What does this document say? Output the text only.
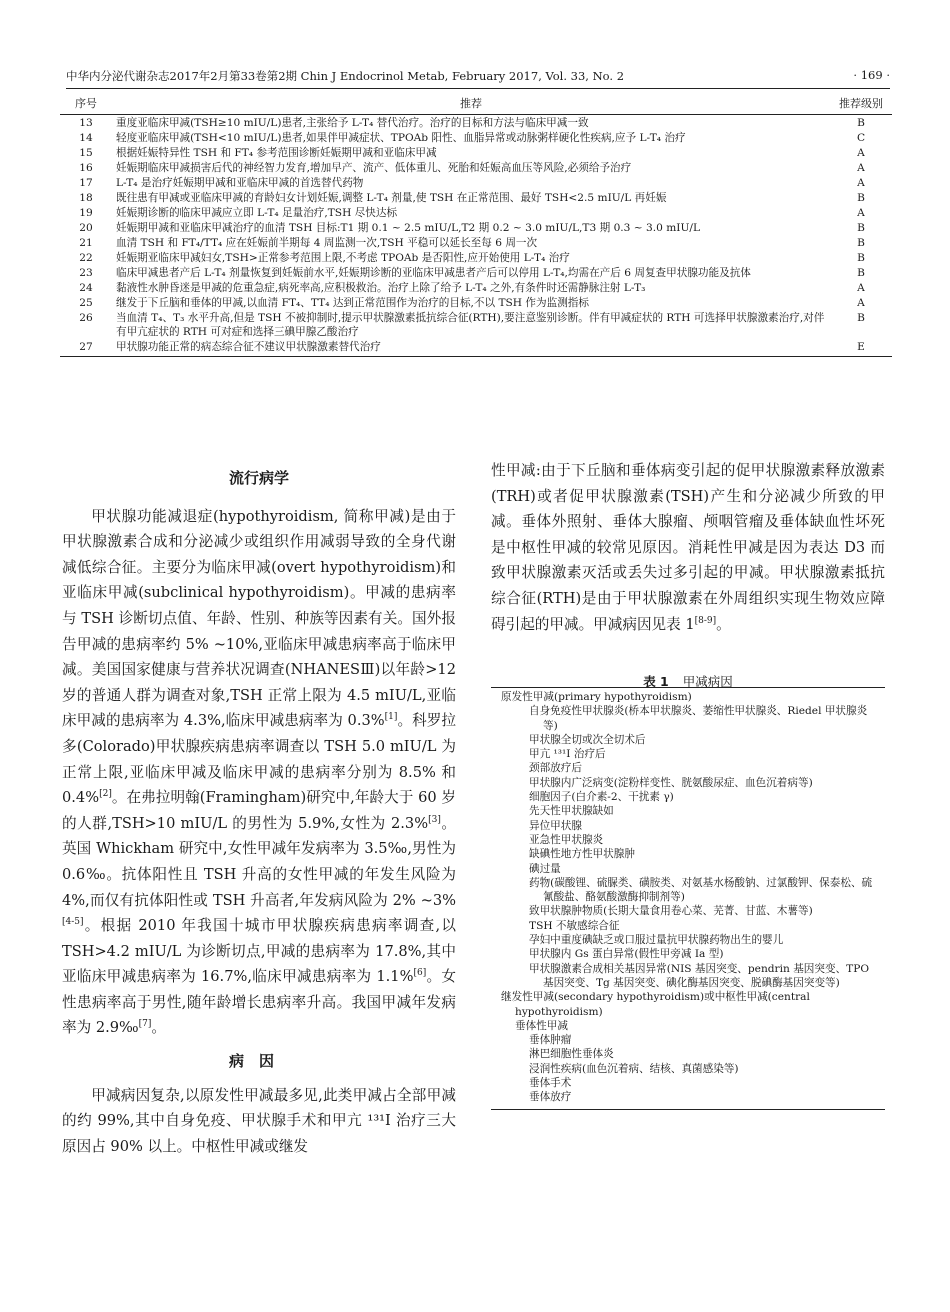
中华内分泌代谢杂志2017年2月第33卷第2期 Chin J Endocrinol Metab, February 2017, Vol. 33, No. 2	· 169 ·
序号	推荐	推荐级别
13	重度亚临床甲减(TSH≥10 mIU/L)患者,主张给予 L-T₄ 替代治疗。治疗的目标和方法与临床甲减一致	B
14	轻度亚临床甲减(TSH<10 mIU/L)患者,如果伴甲减症状、TPOAb 阳性、血脂异常或动脉粥样硬化性疾病,应予 L-T₄ 治疗	C
15	根据妊娠特异性 TSH 和 FT₄ 参考范围诊断妊娠期甲减和亚临床甲减	A
16	妊娠期临床甲减损害后代的神经智力发育,增加早产、流产、低体重儿、死胎和妊娠高血压等风险,必须给予治疗	A
17	L-T₄ 是治疗妊娠期甲减和亚临床甲减的首选替代药物	A
18	既往患有甲减或亚临床甲减的育龄妇女计划妊娠,调整 L-T₄ 剂量,使 TSH 在正常范围、最好 TSH<2.5 mIU/L 再妊娠	B
19	妊娠期诊断的临床甲减应立即 L-T₄ 足量治疗,TSH 尽快达标	A
20	妊娠期甲减和亚临床甲减治疗的血清 TSH 目标:T1 期 0.1 ~ 2.5 mIU/L,T2 期 0.2 ~ 3.0 mIU/L,T3 期 0.3 ~ 3.0 mIU/L	B
21	血清 TSH 和 FT₄/TT₄ 应在妊娠前半期每 4 周监测一次,TSH 平稳可以延长至每 6 周一次	B
22	妊娠期亚临床甲减妇女,TSH>正常参考范围上限,不考虑 TPOAb 是否阳性,应开始使用 L-T₄ 治疗	B
23	临床甲减患者产后 L-T₄ 剂量恢复到妊娠前水平,妊娠期诊断的亚临床甲减患者产后可以停用 L-T₄,均需在产后 6 周复查甲状腺功能及抗体	B
24	黏液性水肿昏迷是甲减的危重急症,病死率高,应积极救治。治疗上除了给予 L-T₄ 之外,有条件时还需静脉注射 L-T₃	A
25	继发于下丘脑和垂体的甲减,以血清 FT₄、TT₄ 达到正常范围作为治疗的目标,不以 TSH 作为监测指标	A
26	当血清 T₄、T₃ 水平升高,但是 TSH 不被抑制时,提示甲状腺激素抵抗综合征(RTH),要注意鉴别诊断。伴有甲减症状的 RTH 可选择甲状腺激素治疗,对伴有甲亢症状的 RTH 可对症和选择三碘甲腺乙酸治疗	B
27	甲状腺功能正常的病态综合征不建议甲状腺激素替代治疗	E
流行病学

甲状腺功能减退症(hypothyroidism, 简称甲减)是由于甲状腺激素合成和分泌减少或组织作用减弱导致的全身代谢减低综合征。主要分为临床甲减(overt hypothyroidism)和亚临床甲减(subclinical hypothyroidism)。甲减的患病率与 TSH 诊断切点值、年龄、性别、种族等因素有关。国外报告甲减的患病率约 5% ~10%,亚临床甲减患病率高于临床甲减。美国国家健康与营养状况调查(NHANESⅢ)以年龄>12 岁的普通人群为调查对象,TSH 正常上限为 4.5 mIU/L,亚临床甲减的患病率为 4.3%,临床甲减患病率为 0.3%[1]。科罗拉多(Colorado)甲状腺疾病患病率调查以 TSH 5.0 mIU/L 为正常上限,亚临床甲减及临床甲减的患病率分别为 8.5% 和 0.4%[2]。在弗拉明翰(Framingham)研究中,年龄大于 60 岁的人群,TSH>10 mIU/L 的男性为 5.9%,女性为 2.3%[3]。英国 Whickham 研究中,女性甲减年发病率为 3.5‰,男性为 0.6‰。抗体阳性且 TSH 升高的女性甲减的年发生风险为 4%,而仅有抗体阳性或 TSH 升高者,年发病风险为 2% ~3%[4-5]。根据 2010 年我国十城市甲状腺疾病患病率调查,以 TSH>4.2 mIU/L 为诊断切点,甲减的患病率为 17.8%,其中亚临床甲减患病率为 16.7%,临床甲减患病率为 1.1%[6]。女性患病率高于男性,随年龄增长患病率升高。我国甲减年发病率为 2.9‰[7]。

病因

甲减病因复杂,以原发性甲减最多见,此类甲减占全部甲减的约 99%,其中自身免疫、甲状腺手术和甲亢 ¹³¹I 治疗三大原因占 90% 以上。中枢性甲减或继发

性甲减:由于下丘脑和垂体病变引起的促甲状腺激素释放激素(TRH)或者促甲状腺激素(TSH)产生和分泌减少所致的甲减。垂体外照射、垂体大腺瘤、颅咽管瘤及垂体缺血性坏死是中枢性甲减的较常见原因。消耗性甲减是因为表达 D3 而致甲状腺激素灭活或丢失过多引起的甲减。甲状腺激素抵抗综合征(RTH)是由于甲状腺激素在外周组织实现生物效应障碍引起的甲减。甲减病因见表 1[8-9]。

表 1 甲减病因
原发性甲减(primary hypothyroidism)
自身免疫性甲状腺炎(桥本甲状腺炎、萎缩性甲状腺炎、Riedel 甲状腺炎等)
甲状腺全切或次全切术后
甲亢 ¹³¹I 治疗后
颈部放疗后
甲状腺内广泛病变(淀粉样变性、胱氨酸尿症、血色沉着病等)
细胞因子(白介素-2、干扰素 γ)
先天性甲状腺缺如
异位甲状腺
亚急性甲状腺炎
缺碘性地方性甲状腺肿
碘过量
药物(碳酸锂、硫脲类、磺胺类、对氨基水杨酸钠、过氯酸钾、保泰松、硫氰酸盐、酪氨酸激酶抑制剂等)
致甲状腺肿物质(长期大量食用卷心菜、芜菁、甘蓝、木薯等)
TSH 不敏感综合征
孕妇中重度碘缺乏或口服过量抗甲状腺药物出生的婴儿
甲状腺内 Gs 蛋白异常(假性甲旁减 Ia 型)
甲状腺激素合成相关基因异常(NIS 基因突变、pendrin 基因突变、TPO 基因突变、Tg 基因突变、碘化酶基因突变、脱碘酶基因突变等)
继发性甲减(secondary hypothyroidism)或中枢性甲减(central hypothyroidism)
垂体性甲减
垂体肿瘤
淋巴细胞性垂体炎
浸润性疾病(血色沉着病、结核、真菌感染等)
垂体手术
垂体放疗
